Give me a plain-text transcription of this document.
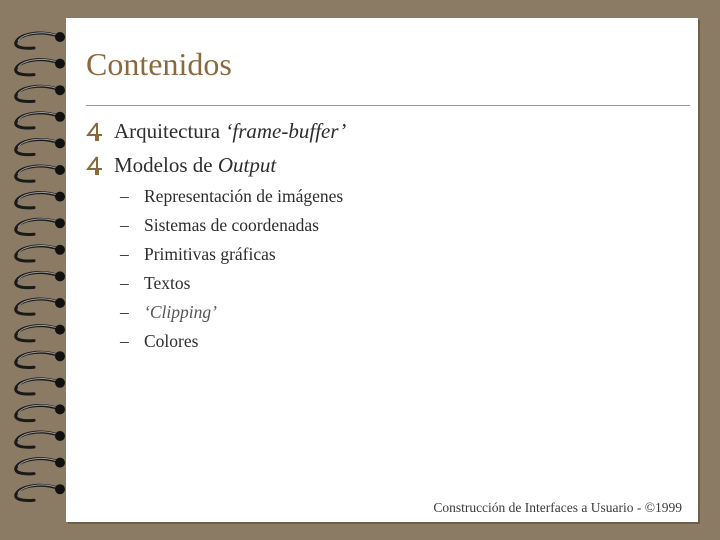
Contenidos
Arquitectura ‘frame-buffer’
Modelos de Output
– Representación de imágenes
– Sistemas de coordenadas
– Primitivas gráficas
– Textos
– ‘Clipping’
– Colores
Construcción de Interfaces a Usuario - ©1999
